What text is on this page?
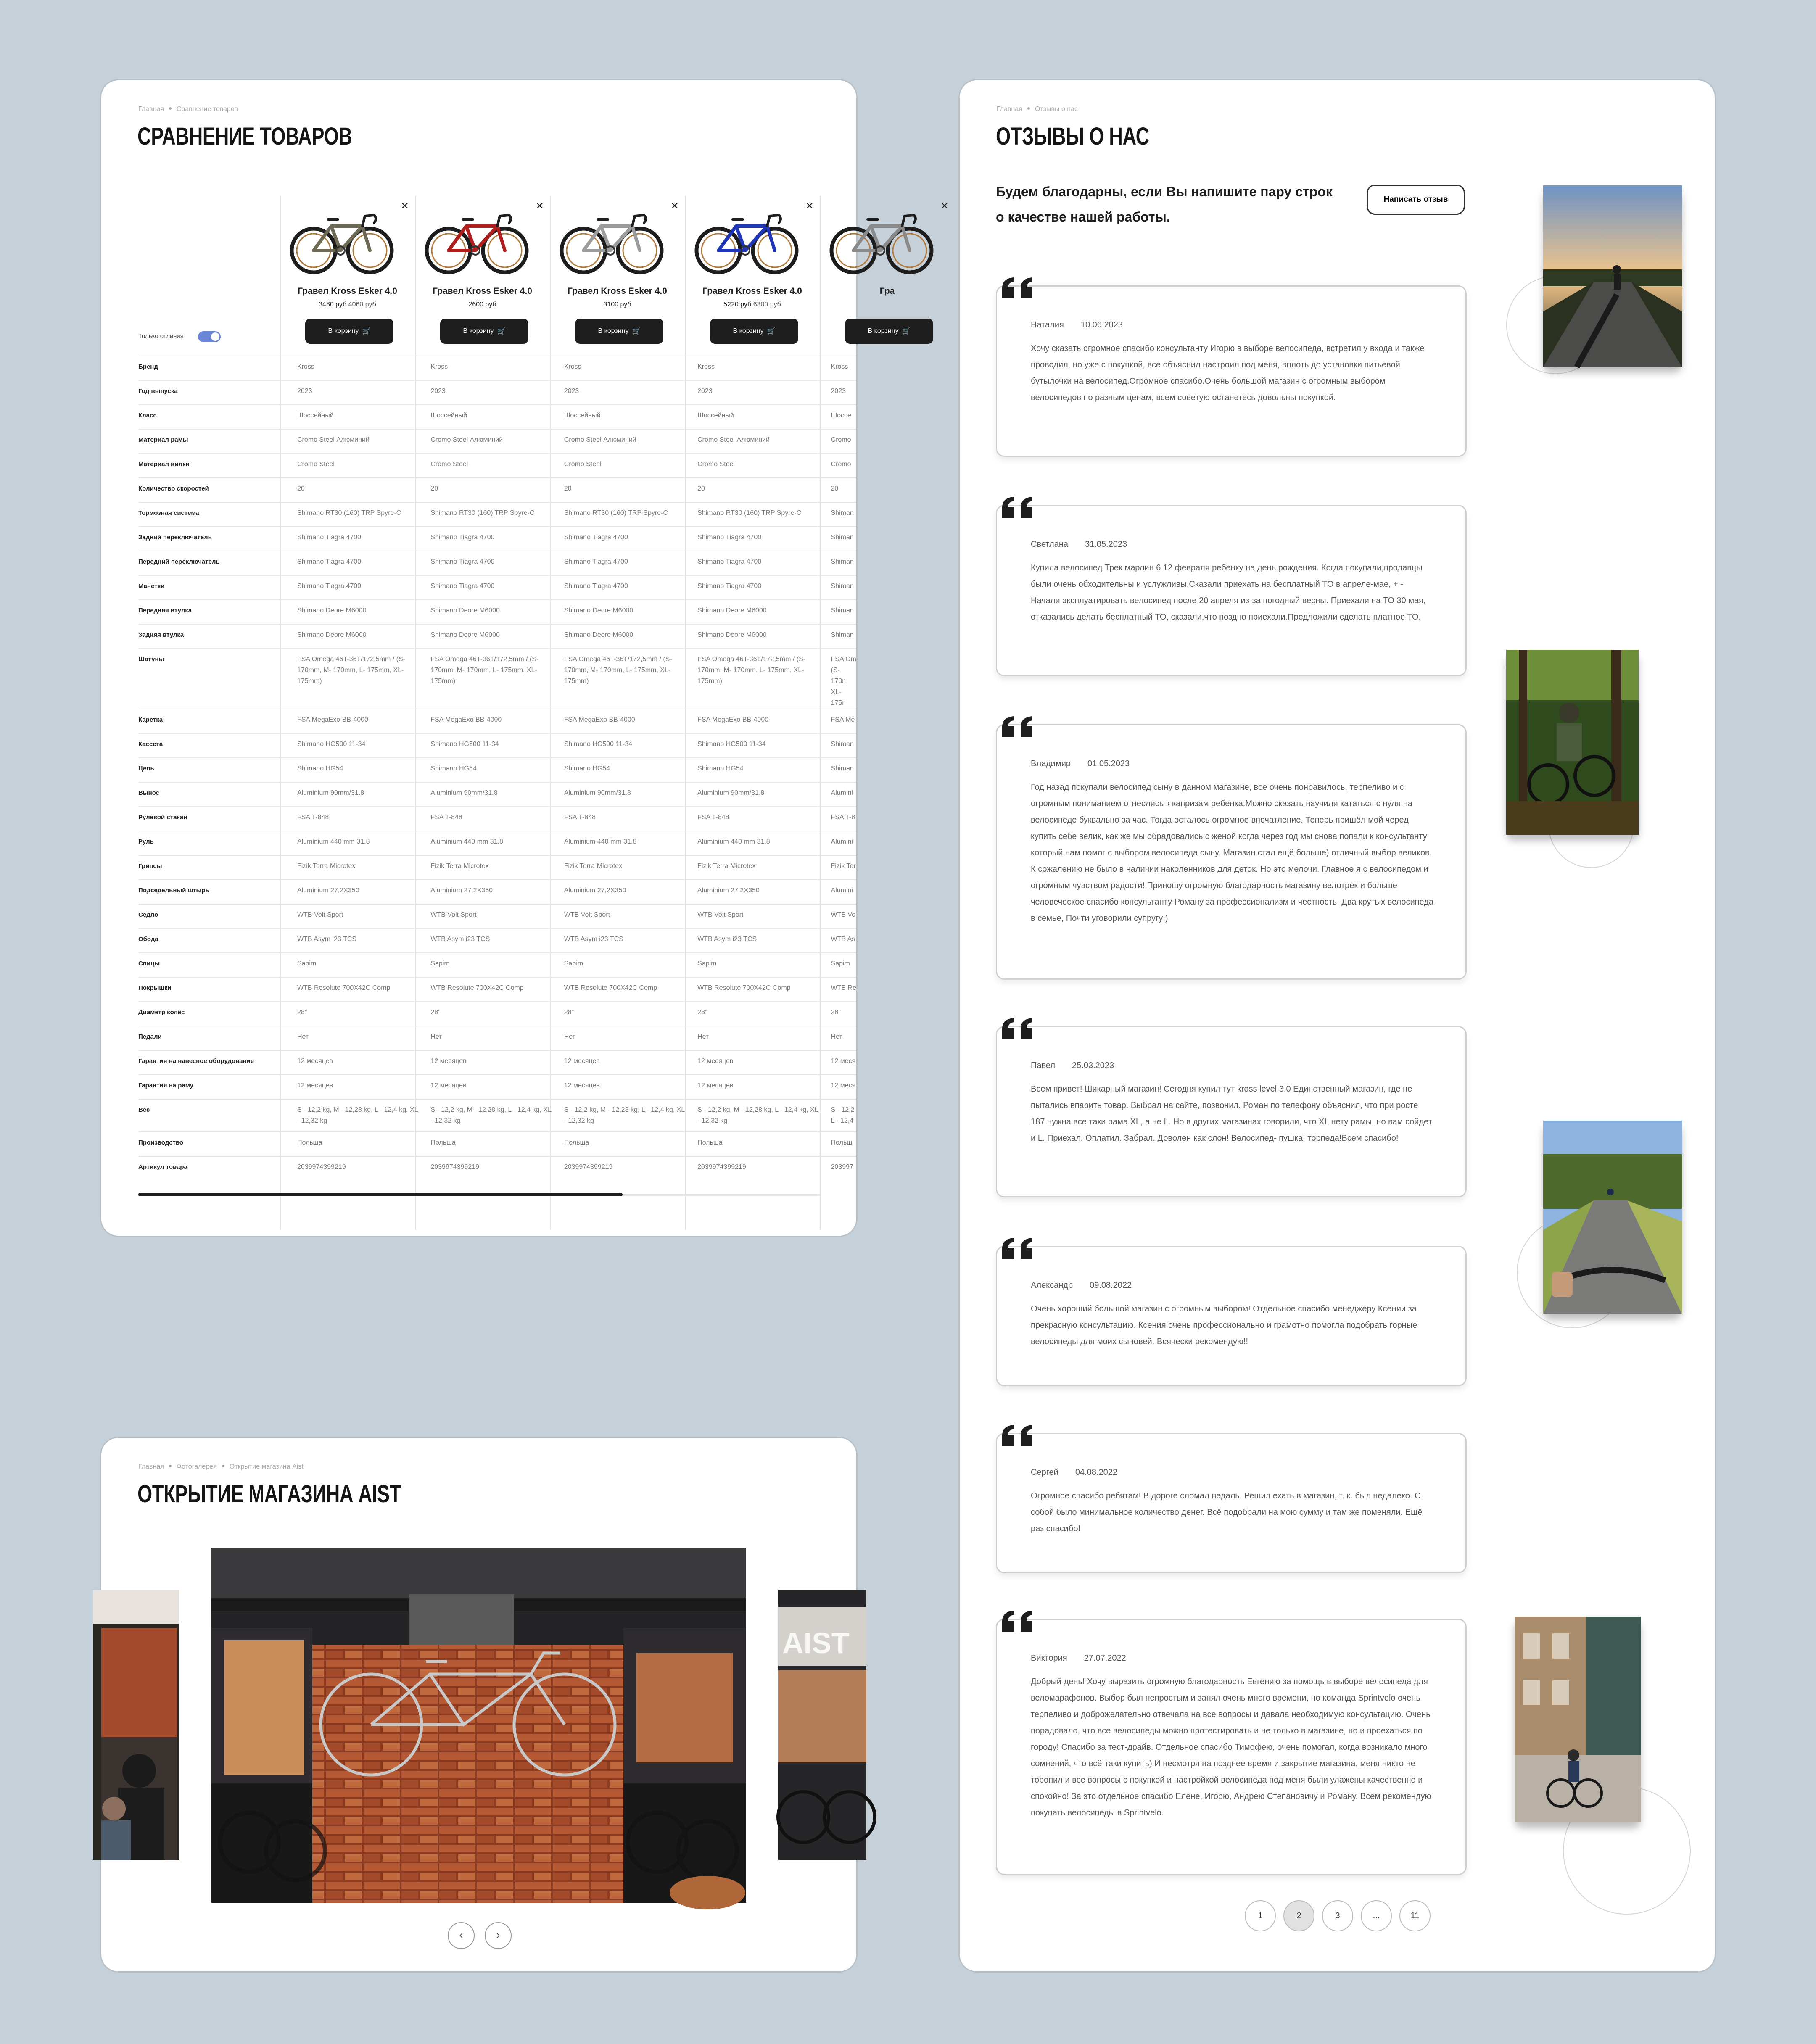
Главная Сравнение товаров
СРАВНЕНИЕ ТОВАРОВ
✕
Гравел Kross Esker 4.0
3480 руб 4060 руб
В корзину 🛒
✕
Гравел Kross Esker 4.0
2600 руб
В корзину 🛒
✕
Гравел Kross Esker 4.0
3100 руб
В корзину 🛒
✕
Гравел Kross Esker 4.0
5220 руб 6300 руб
В корзину 🛒
✕
Гра
В корзину 🛒
Только отличия
Бренд	Kross	Kross	Kross	Kross	Kross
Год выпуска	2023	2023	2023	2023	2023
Класс	Шоссейный	Шоссейный	Шоссейный	Шоссейный	Шоссе
Материал рамы	Cromo Steel Алюминий	Cromo Steel Алюминий	Cromo Steel Алюминий	Cromo Steel Алюминий	Cromo
Материал вилки	Cromo Steel	Cromo Steel	Cromo Steel	Cromo Steel	Cromo
Количество скоростей	20	20	20	20	20
Тормозная система	Shimano RT30 (160) TRP Spyre-C	Shimano RT30 (160) TRP Spyre-C	Shimano RT30 (160) TRP Spyre-C	Shimano RT30 (160) TRP Spyre-C	Shiman
Задний переключатель	Shimano Tiagra 4700	Shimano Tiagra 4700	Shimano Tiagra 4700	Shimano Tiagra 4700	Shiman
Передний переключатель	Shimano Tiagra 4700	Shimano Tiagra 4700	Shimano Tiagra 4700	Shimano Tiagra 4700	Shiman
Манетки	Shimano Tiagra 4700	Shimano Tiagra 4700	Shimano Tiagra 4700	Shimano Tiagra 4700	Shiman
Передняя втулка	Shimano Deore M6000	Shimano Deore M6000	Shimano Deore M6000	Shimano Deore M6000	Shiman
Задняя втулка	Shimano Deore M6000	Shimano Deore M6000	Shimano Deore M6000	Shimano Deore M6000	Shiman
Шатуны	FSA Omega 46T-36T/172,5mm / (S- 170mm, M- 170mm, L- 175mm, XL- 175mm)	FSA Omega 46T-36T/172,5mm / (S- 170mm, M- 170mm, L- 175mm, XL- 175mm)	FSA Omega 46T-36T/172,5mm / (S- 170mm, M- 170mm, L- 175mm, XL- 175mm)	FSA Omega 46T-36T/172,5mm / (S- 170mm, M- 170mm, L- 175mm, XL- 175mm)	FSA Om (S- 170n XL- 175r
Каретка	FSA MegaExo BB-4000	FSA MegaExo BB-4000	FSA MegaExo BB-4000	FSA MegaExo BB-4000	FSA Me
Кассета	Shimano HG500 11-34	Shimano HG500 11-34	Shimano HG500 11-34	Shimano HG500 11-34	Shiman
Цепь	Shimano HG54	Shimano HG54	Shimano HG54	Shimano HG54	Shiman
Вынос	Aluminium 90mm/31.8	Aluminium 90mm/31.8	Aluminium 90mm/31.8	Aluminium 90mm/31.8	Alumini
Рулевой стакан	FSA T-848	FSA T-848	FSA T-848	FSA T-848	FSA T-8
Руль	Aluminium 440 mm 31.8	Aluminium 440 mm 31.8	Aluminium 440 mm 31.8	Aluminium 440 mm 31.8	Alumini
Грипсы	Fizik Terra Microtex	Fizik Terra Microtex	Fizik Terra Microtex	Fizik Terra Microtex	Fizik Ter
Подседельный штырь	Aluminium 27,2X350	Aluminium 27,2X350	Aluminium 27,2X350	Aluminium 27,2X350	Alumini
Седло	WTB Volt Sport	WTB Volt Sport	WTB Volt Sport	WTB Volt Sport	WTB Vo
Обода	WTB Asym i23 TCS	WTB Asym i23 TCS	WTB Asym i23 TCS	WTB Asym i23 TCS	WTB As
Спицы	Sapim	Sapim	Sapim	Sapim	Sapim
Покрышки	WTB Resolute 700X42C Comp	WTB Resolute 700X42C Comp	WTB Resolute 700X42C Comp	WTB Resolute 700X42C Comp	WTB Re
Диаметр колёс	28"	28"	28"	28"	28"
Педали	Нет	Нет	Нет	Нет	Нет
Гарантия на навесное оборудование	12 месяцев	12 месяцев	12 месяцев	12 месяцев	12 меся
Гарантия на раму	12 месяцев	12 месяцев	12 месяцев	12 месяцев	12 меся
Вес	S - 12,2 kg, M - 12,28 kg, L - 12,4 kg, XL - 12,32 kg	S - 12,2 kg, M - 12,28 kg, L - 12,4 kg, XL - 12,32 kg	S - 12,2 kg, M - 12,28 kg, L - 12,4 kg, XL - 12,32 kg	S - 12,2 kg, M - 12,28 kg, L - 12,4 kg, XL - 12,32 kg	S - 12,2 L - 12,4
Производство	Польша	Польша	Польша	Польша	Польш
Артикул товара	2039974399219	2039974399219	2039974399219	2039974399219	203997
Главная Фотогалерея Открытие магазина Aist
ОТКРЫТИЕ МАГАЗИНА AIST
AIST
‹	›
Главная Отзывы о нас
ОТЗЫВЫ О НАС
Будем благодарны, если Вы напишите пару строк о качестве нашей работы.
Написать отзыв
Наталия 10.06.2023
Хочу сказать огромное спасибо консультанту Игорю в выборе велосипеда, встретил у входа и также проводил, но уже с покупкой, все объяснил настроил под меня, вплоть до установки питьевой бутылочки на велосипед.Огромное спасибо.Очень большой магазин с огромным выбором велосипедов по разным ценам, всем советую останетесь довольны покупкой.
Светлана 31.05.2023
Купила велосипед Трек марлин 6 12 февраля ребенку на день рождения. Когда покупали,продавцы были очень обходительны и услужливы.Сказали приехать на бесплатный ТО в апреле-мае, + - Начали эксплуатировать велосипед после 20 апреля из-за погодный весны. Приехали на ТО 30 мая, отказались делать бесплатный ТО, сказали,что поздно приехали.Предложили сделать платное ТО.
Владимир 01.05.2023
Год назад покупали велосипед сыну в данном магазине, все очень понравилось, терпеливо и с огромным пониманием отнеслись к капризам ребенка.Можно сказать научили кататься с нуля на велосипеде буквально за час. Тогда осталось огромное впечатление. Теперь пришёл мой черед купить себе велик, как же мы обрадовались с женой когда через год мы снова попали к консультанту который нам помог с выбором велосипеда сыну. Магазин стал ещё больше) отличный выбор великов. К сожалению не было в наличии наколенников для деток. Но это мелочи. Главное я с велосипедом и огромным чувством радости! Приношу огромную благодарность магазину велотрек и больше человеческое спасибо консультанту Роману за профессионализм и честность. Два крутых велосипеда в семье, Почти уговорили супругу!)
Павел 25.03.2023
Всем привет! Шикарный магазин! Сегодня купил тут kross level 3.0 Единственный магазин, где не пытались впарить товар. Выбрал на сайте, позвонил. Роман по телефону объяснил, что при росте 187 нужна все таки рама XL, а не L. Но в других магазинах говорили, что XL нету рамы, но вам сойдет и L. Приехал. Оплатил. Забрал. Доволен как слон! Велосипед- пушка! торпеда!Всем спасибо!
Александр 09.08.2022
Очень хороший большой магазин с огромным выбором! Отдельное спасибо менеджеру Ксении за прекрасную консультацию. Ксения очень профессионально и грамотно помогла подобрать горные велосипеды для моих сыновей. Всячески рекомендую!!
Сергей 04.08.2022
Огромное спасибо ребятам! В дороге сломал педаль. Решил ехать в магазин, т. к. был недалеко. С собой было минимальное количество денег. Всё подобрали на мою сумму и там же поменяли. Ещё раз спасибо!
Виктория 27.07.2022
Добрый день! Хочу выразить огромную благодарность Евгению за помощь в выборе велосипеда для веломарафонов. Выбор был непростым и занял очень много времени, но команда Sprintvelo очень терпеливо и доброжелательно отвечала на все вопросы и давала необходимую консультацию. Очень порадовало, что все велосипеды можно протестировать и не только в магазине, но и проехаться по городу! Спасибо за тест-драйв. Отдельное спасибо Тимофею, очень помогал, когда возникало много сомнений, что всё-таки купить) И несмотря на позднее время и закрытие магазина, меня никто не торопил и все вопросы с покупкой и настройкой велосипеда под меня были улажены качественно и спокойно! За это отдельное спасибо Елене, Игорю, Андрею Степановичу и Роману. Всем рекомендую покупать велосипеды в Sprintvelo.
1	2	3	...	11
